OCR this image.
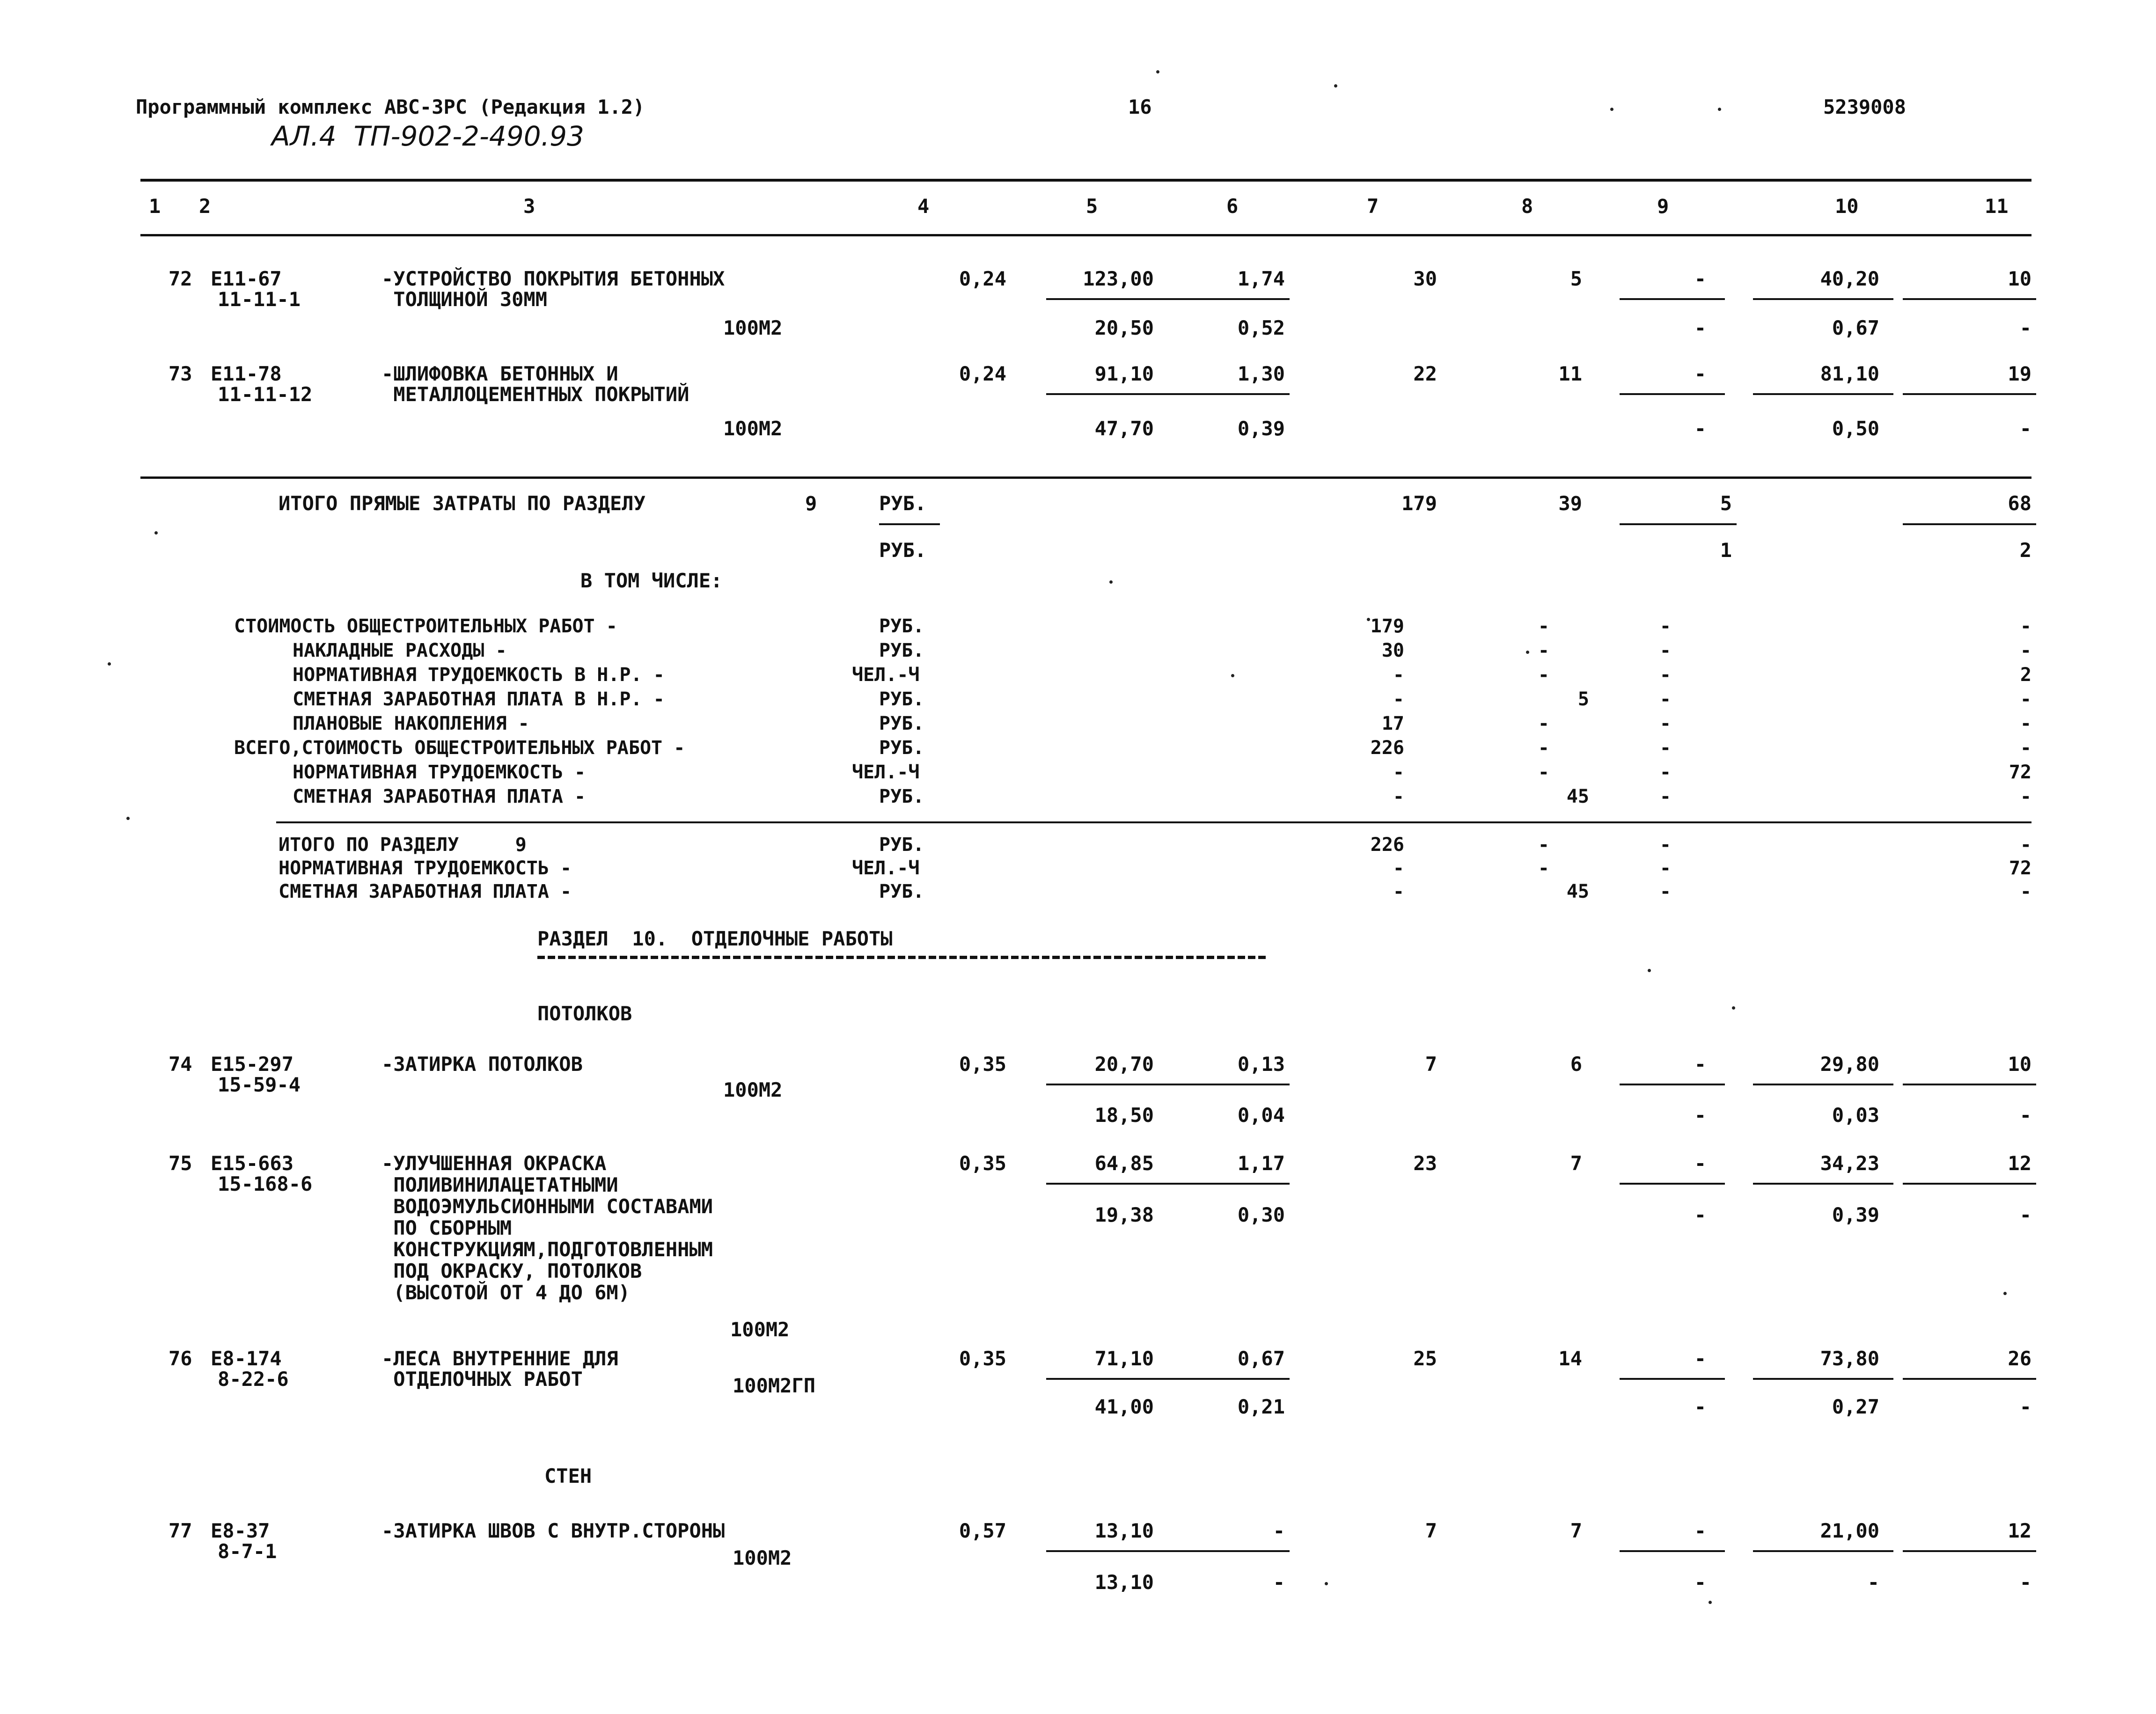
Программный комплекс АВС-ЗРС (Редакция 1.2)
АЛ.4  ТП-902-2-490.93
16	5239008
1 2	3	4	5	6	7	8	9	10	11
72 Е11-67
11-11-1
-УСТРОЙСТВО ПОКРЫТИЯ БЕТОННЫХ
ТОЛЩИНОЙ 30ММ
100М2
0,24	123,00	1,74	30	5	-	40,20	10
20,50	0,52	-	0,67	-
73 Е11-78
11-11-12
-ШЛИФОВКА БЕТОННЫХ И
МЕТАЛЛОЦЕМЕНТНЫХ ПОКРЫТИЙ
100М2
0,24	91,10	1,30	22	11	-	81,10	19
47,70	0,39	-	0,50	-
ИТОГО ПРЯМЫЕ ЗАТРАТЫ ПО РАЗДЕЛУ	9	РУБ.	179	39	5	68
РУБ.	1	2
В ТОМ ЧИСЛЕ:
СТОИМОСТЬ ОБЩЕСТРОИТЕЛЬНЫХ РАБОТ -	РУБ.	179	-	-	-
НАКЛАДНЫЕ РАСХОДЫ -	РУБ.	30	-	-	-
НОРМАТИВНАЯ ТРУДОЕМКОСТЬ В Н.Р. -	ЧЕЛ.-Ч	-	-	-	2
СМЕТНАЯ ЗАРАБОТНАЯ ПЛАТА В Н.Р. -	РУБ.	-	5	-	-
ПЛАНОВЫЕ НАКОПЛЕНИЯ -	РУБ.	17	-	-	-
ВСЕГО,СТОИМОСТЬ ОБЩЕСТРОИТЕЛЬНЫХ РАБОТ -	РУБ.	226	-	-	-
НОРМАТИВНАЯ ТРУДОЕМКОСТЬ -	ЧЕЛ.-Ч	-	-	-	72
СМЕТНАЯ ЗАРАБОТНАЯ ПЛАТА -	РУБ.	-	45	-	-
ИТОГО ПО РАЗДЕЛУ     9	РУБ.	226	-	-	-
НОРМАТИВНАЯ ТРУДОЕМКОСТЬ -	ЧЕЛ.-Ч	-	-	-	72
СМЕТНАЯ ЗАРАБОТНАЯ ПЛАТА -	РУБ.	-	45	-	-
РАЗДЕЛ  10.  ОТДЕЛОЧНЫЕ РАБОТЫ
ПОТОЛКОВ
СТЕН
74 Е15-297
15-59-4
-ЗАТИРКА ПОТОЛКОВ
100М2
0,35	20,70	0,13	7	6	-	29,80	10
18,50	0,04	-	0,03	-
75 Е15-663
15-168-6
-УЛУЧШЕННАЯ ОКРАСКА
ПОЛИВИНИЛАЦЕТАТНЫМИ
ВОДОЭМУЛЬСИОННЫМИ СОСТАВАМИ
ПО СБОРНЫМ
КОНСТРУКЦИЯМ,ПОДГОТОВЛЕННЫМ
ПОД ОКРАСКУ, ПОТОЛКОВ
(ВЫСОТОЙ ОТ 4 ДО 6М)
100М2
0,35	64,85	1,17	23	7	-	34,23	12
19,38	0,30	-	0,39	-
76 Е8-174
8-22-6
-ЛЕСА ВНУТРЕННИЕ ДЛЯ
ОТДЕЛОЧНЫХ РАБОТ	100М2ГП
0,35	71,10	0,67	25	14	-	73,80	26
41,00	0,21	-	0,27	-
77 Е8-37
8-7-1
-ЗАТИРКА ШВОВ С ВНУТР.СТОРОНЫ
100М2
0,57	13,10	-	7	7	-	21,00	12
13,10	-	-	-	-
